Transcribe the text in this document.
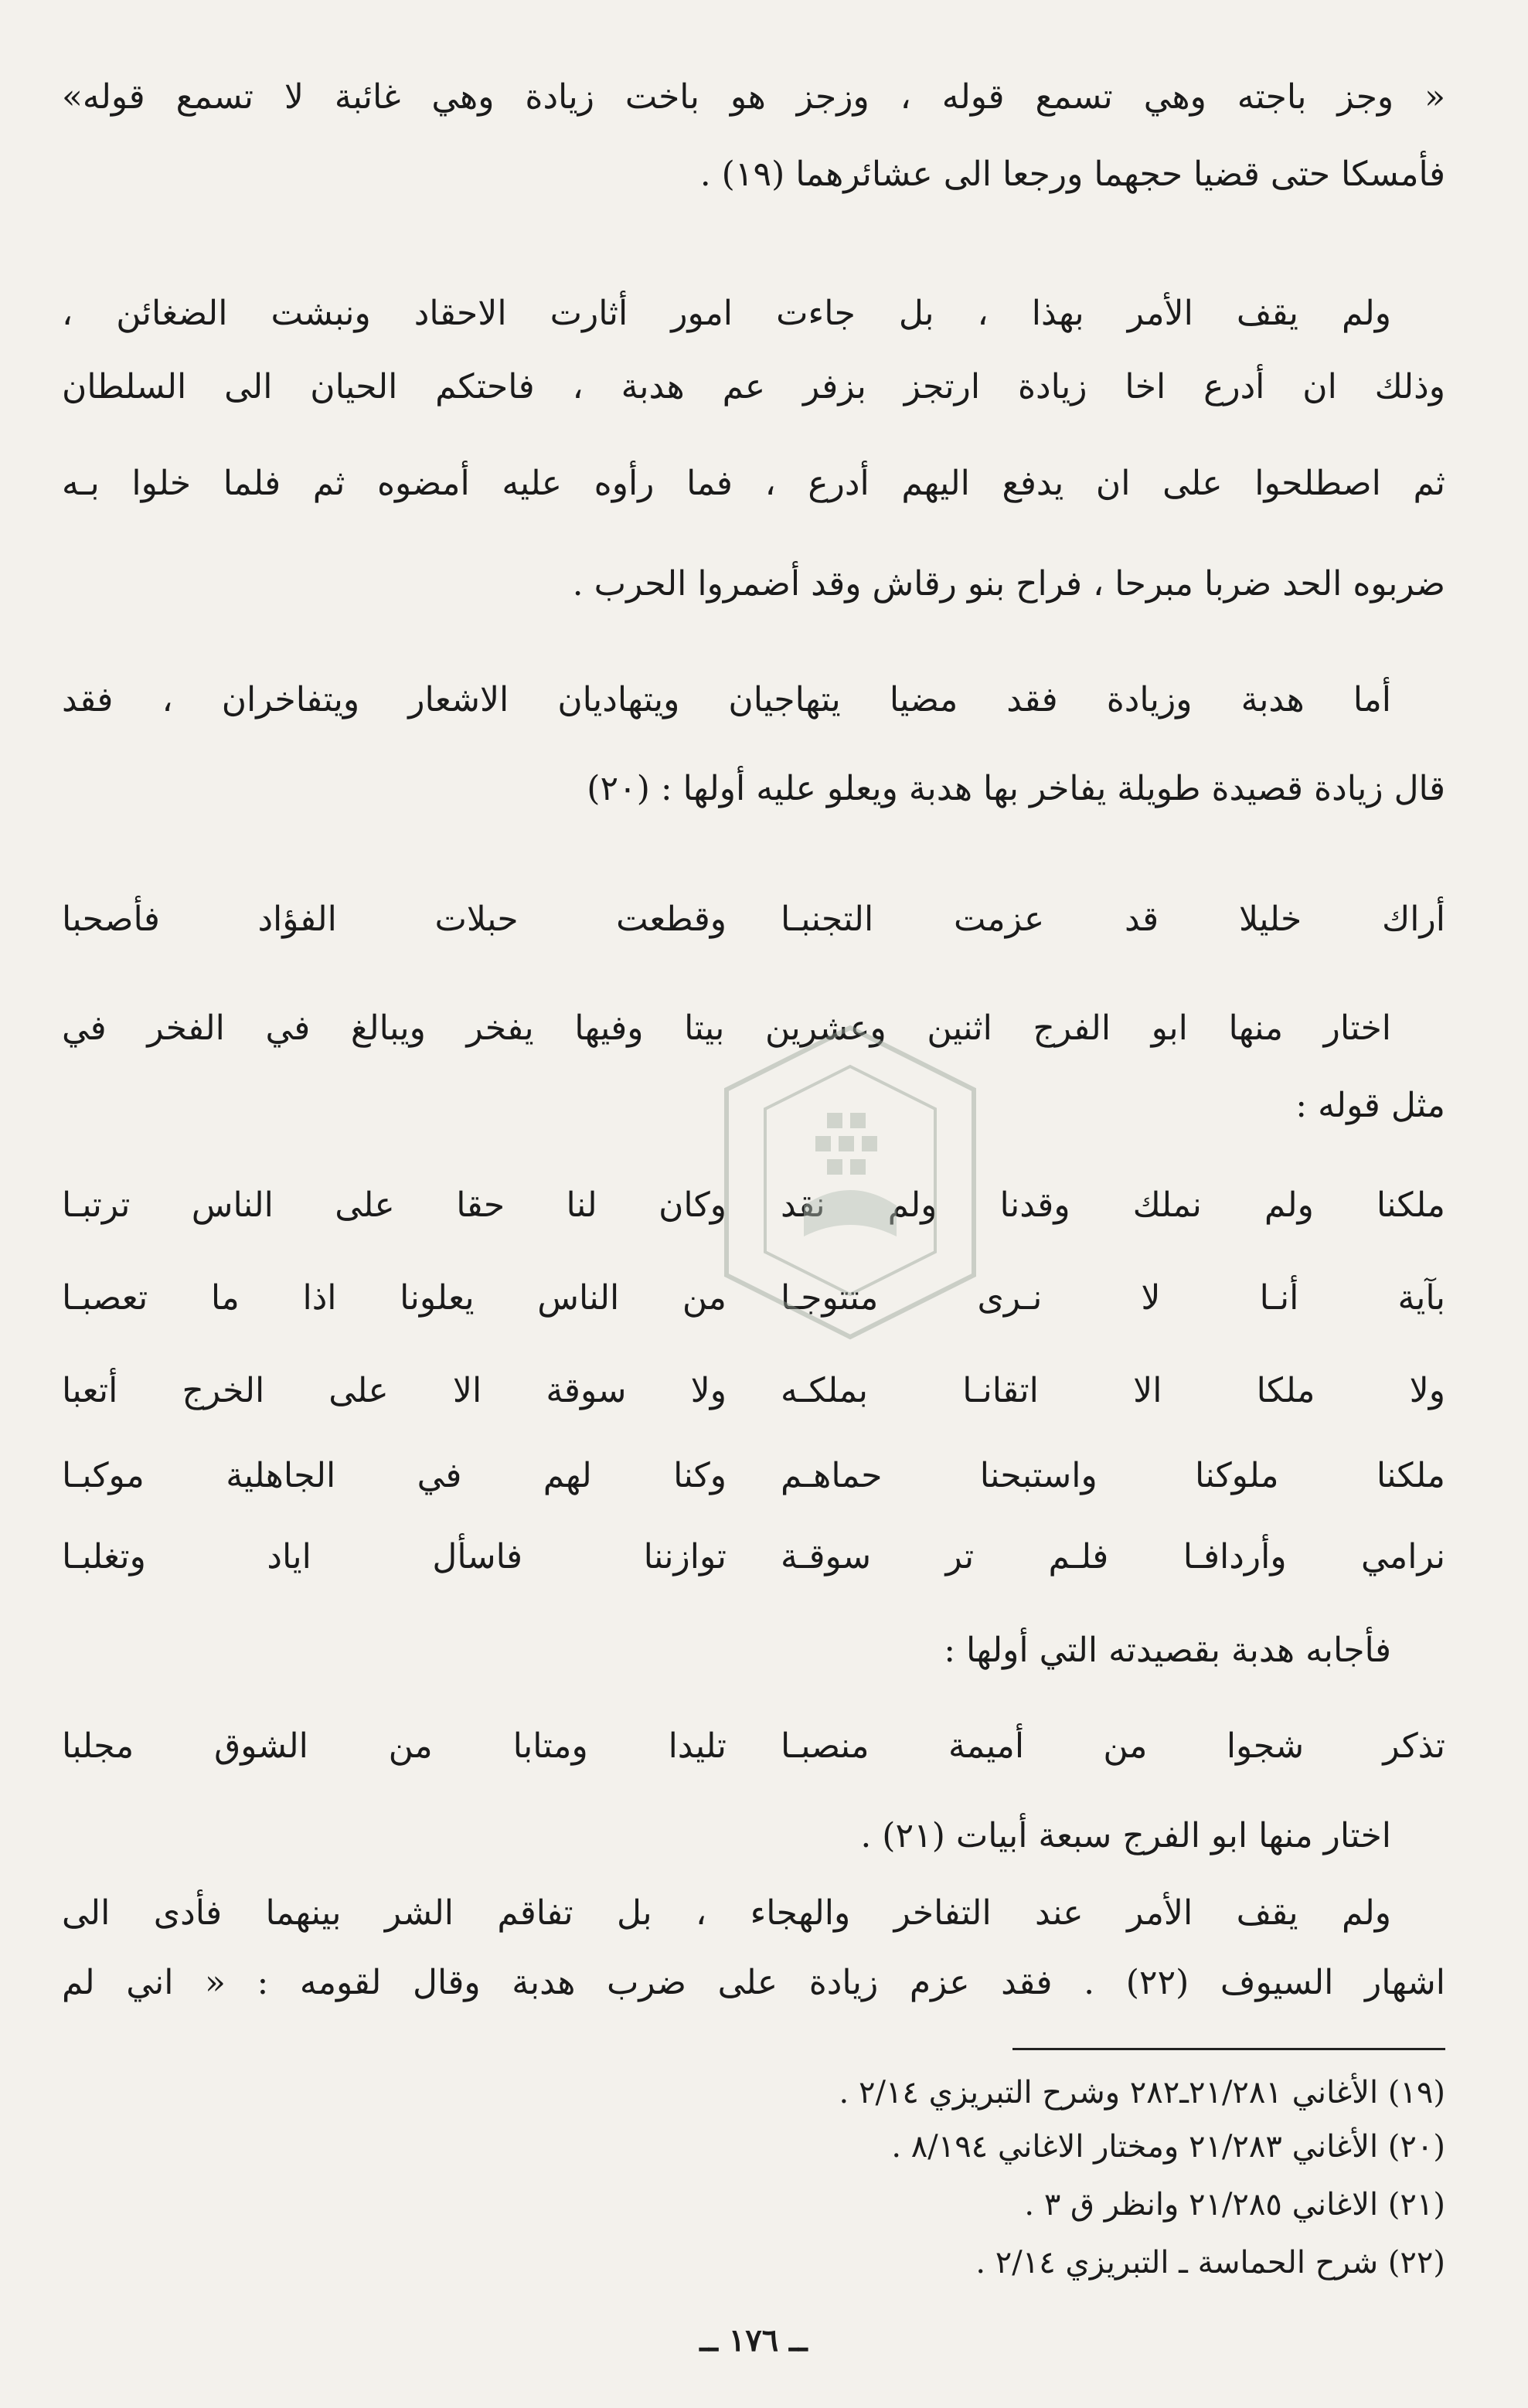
« وجز باجته وهي تسمع قوله ، وزجز هو باخت زيادة وهي غائبة لا تسمع قوله»
فأمسكا حتى قضيا حجهما ورجعا الى عشائرهما (١٩) .
ولم يقف الأمر بهذا ، بل جاءت امور أثارت الاحقاد ونبشت الضغائن ،
وذلك ان أدرع اخا زيادة ارتجز بزفر عم هدبة ، فاحتكم الحيان الى السلطان
ثم اصطلحوا على ان يدفع اليهم أدرع ، فما رأوه عليه أمضوه ثم فلما خلوا بـه
ضربوه الحد ضربا مبرحا ، فراح بنو رقاش وقد أضمروا الحرب .
أما هدبة وزيادة فقد مضيا يتهاجيان ويتهاديان الاشعار ويتفاخران ، فقد
قال زيادة قصيدة طويلة يفاخر بها هدبة ويعلو عليه أولها : (٢٠)
أراك خليلا قد عزمت التجنبـا
وقطعت حبلات الفؤاد فأصحبا
اختار منها ابو الفرج اثنين وعشرين بيتا وفيها يفخر ويبالغ في الفخر في
مثل قوله :
ملكنا ولم نملك وقدنا ولم نقد
وكان لنا حقا على الناس ترتبـا
بآية أنـا لا نـرى متتوجـا
من الناس يعلونا اذا ما تعصبـا
ولا ملكا الا اتقانـا بملكـه
ولا سوقة الا على الخرج أتعبا
ملكنا ملوكنا واستبحنا حماهـم
وكنا لهم في الجاهلية موكبـا
نرامي وأردافـا فلـم تر سوقـة
توازننا فاسأل اياد وتغلبـا
فأجابه هدبة بقصيدته التي أولها :
تذكر شجوا من أميمة منصبـا
تليدا ومتابا من الشوق مجلبا
اختار منها ابو الفرج سبعة أبيات (٢١) .
ولم يقف الأمر عند التفاخر والهجاء ، بل تفاقم الشر بينهما فأدى الى
اشهار السيوف (٢٢) . فقد عزم زيادة على ضرب هدبة وقال لقومه : « اني لم
(١٩) الأغاني ٢١/٢٨١ـ٢٨٢ وشرح التبريزي ٢/١٤ .
(٢٠) الأغاني ٢١/٢٨٣ ومختار الاغاني ٨/١٩٤ .
(٢١) الاغاني ٢١/٢٨٥ وانظر ق ٣ .
(٢٢) شرح الحماسة ـ التبريزي ٢/١٤ .
ــ ١٧٦ ــ
